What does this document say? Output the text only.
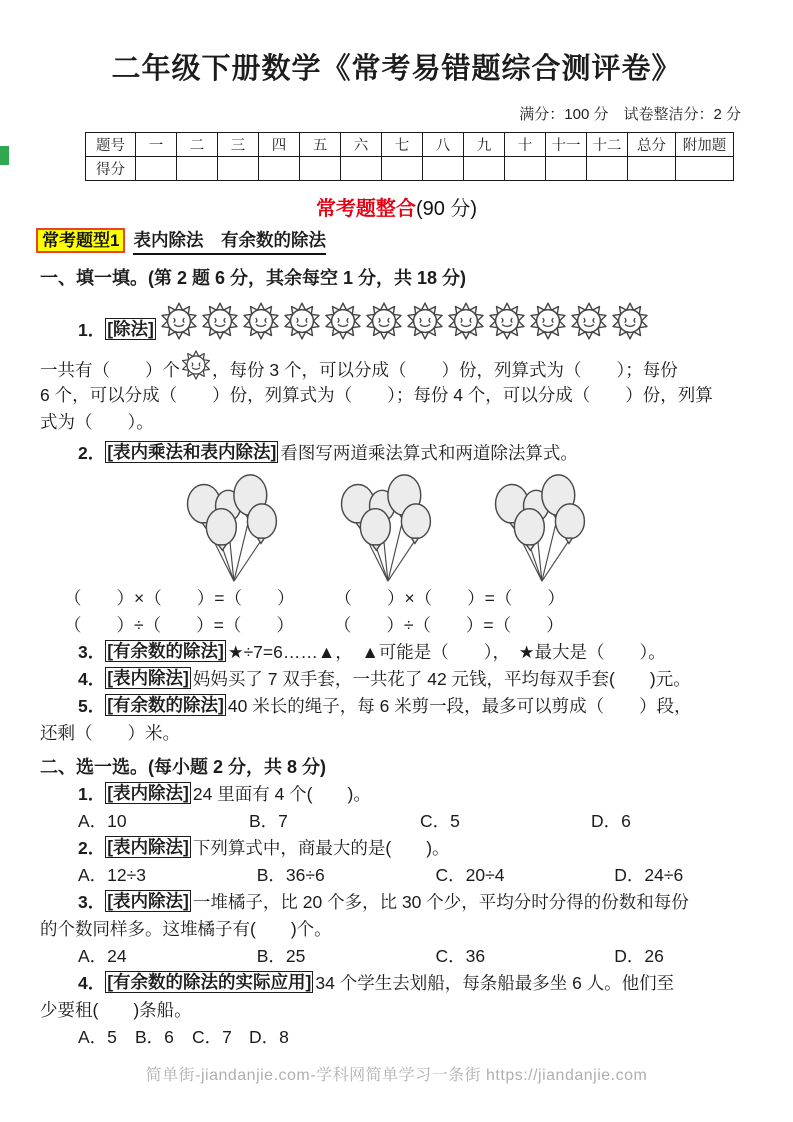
二年级下册数学《常考易错题综合测评卷》
满分：100 分　试卷整洁分：2 分
题号	一	二	三	四	五	六	七	八	九	十	十一	十二	总分	附加题
得分														
常考题整合(90 分)
常考题型1 表内除法　有余数的除法
一、填一填。(第 2 题 6 分，其余每空 1 分，共 18 分)
1． [除法]
一共有（　　）个 ，每份 3 个，可以分成（　　）份，列算式为（　　）；每份
6 个，可以分成（　　）份，列算式为（　　）；每份 4 个，可以分成（　　）份，列算
式为（　　）。
2． [表内乘法和表内除法] 看图写两道乘法算式和两道除法算式。
（　　）×（　　）=（　　） （　　）×（　　）=（　　）
（　　）÷（　　）=（　　） （　　）÷（　　）=（　　）
3． [有余数的除法] ★÷7=6……▲，　▲可能是（　　），　★最大是（　　）。
4． [表内除法] 妈妈买了 7 双手套，一共花了 42 元钱，平均每双手套(　　)元。
5． [有余数的除法] 40 米长的绳子，每 6 米剪一段，最多可以剪成（　　）段，
还剩（　　）米。
二、选一选。(每小题 2 分，共 8 分)
1． [表内除法] 24 里面有 4 个(　　)。
A．10	B．7	C．5	D．6
2． [表内除法] 下列算式中，商最大的是(　　)。
A．12÷3	B．36÷6	C．20÷4	D．24÷6
3． [表内除法] 一堆橘子，比 20 个多，比 30 个少，平均分时分得的份数和每份
的个数同样多。这堆橘子有(　　)个。
A．24	B．25	C．36	D．26
4． [有余数的除法的实际应用] 34 个学生去划船，每条船最多坐 6 人。他们至
少要租(　　)条船。
A．5	B．6	C．7 D．8
简单街-jiandanjie.com-学科网简单学习一条街 https://jiandanjie.com
